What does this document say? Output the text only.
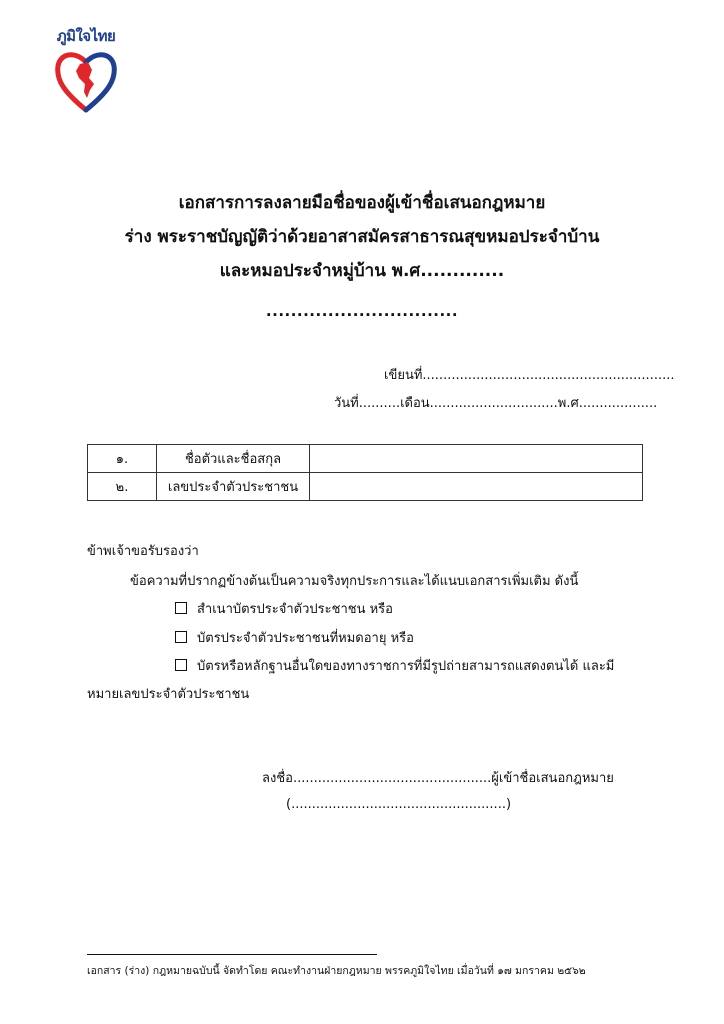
ภูมิใจไทย
เอกสารการลงลายมือชื่อของผู้เข้าชื่อเสนอกฎหมาย
ร่าง พระราชบัญญัติว่าด้วยอาสาสมัครสาธารณสุขหมอประจำบ้าน
และหมอประจำหมู่บ้าน พ.ศ.............
...............................
เขียนที่.............................................................
วันที่..........เดือน...............................พ.ศ...................
๑.	ชื่อตัวและชื่อสกุล	
๒.	เลขประจำตัวประชาชน	
ข้าพเจ้าขอรับรองว่า
ข้อความที่ปรากฏข้างต้นเป็นความจริงทุกประการและได้แนบเอกสารเพิ่มเติม ดังนี้
สำเนาบัตรประจำตัวประชาชน หรือ
บัตรประจำตัวประชาชนที่หมดอายุ หรือ
บัตรหรือหลักฐานอื่นใดของทางราชการที่มีรูปถ่ายสามารถแสดงตนได้ และมี
หมายเลขประจำตัวประชาชน
ลงชื่อ................................................ผู้เข้าชื่อเสนอกฎหมาย
(....................................................)
เอกสาร (ร่าง) กฎหมายฉบับนี้ จัดทำโดย คณะทำงานฝ่ายกฎหมาย พรรคภูมิใจไทย เมื่อวันที่ ๑๗ มกราคม ๒๕๖๒
